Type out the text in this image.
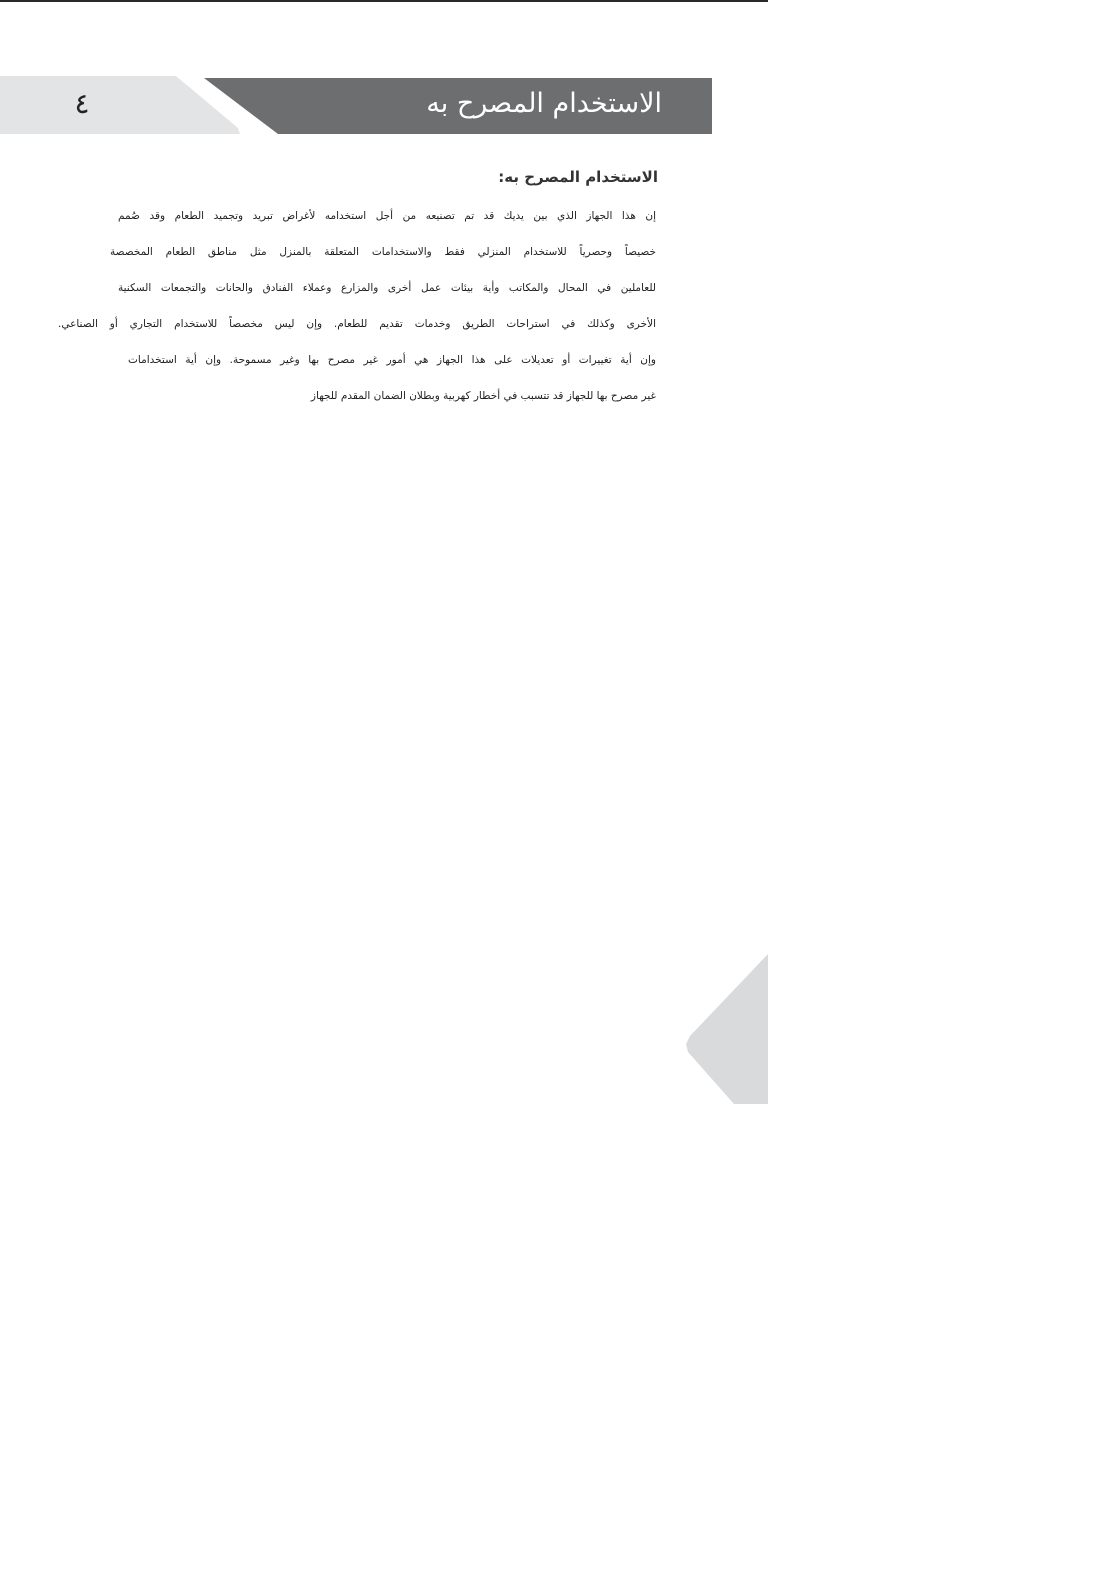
٤	الاستخدام المصرح به
الاستخدام المصرح به:
إن هذا الجهاز الذي بين يديك قد تم تصنيعه من أجل استخدامه لأغراض تبريد وتجميد الطعام وقد صُمم
خصيصاً وحصرياً للاستخدام المنزلي فقط والاستخدامات المتعلقة بالمنزل مثل مناطق الطعام المخصصة
للعاملين في المحال والمكاتب وأية بيئات عمل أخرى والمزارع وعملاء الفنادق والحانات والتجمعات السكنية
الأخرى وكذلك في استراحات الطريق وخدمات تقديم للطعام. وإن ليس مخصصاً للاستخدام التجاري أو الصناعي.
وإن أية تغييرات أو تعديلات على هذا الجهاز هي أمور غير مصرح بها وغير مسموحة. وإن أية استخدامات
غير مصرح بها للجهاز قد تتسبب في أخطار كهربية وبطلان الضمان المقدم للجهاز
